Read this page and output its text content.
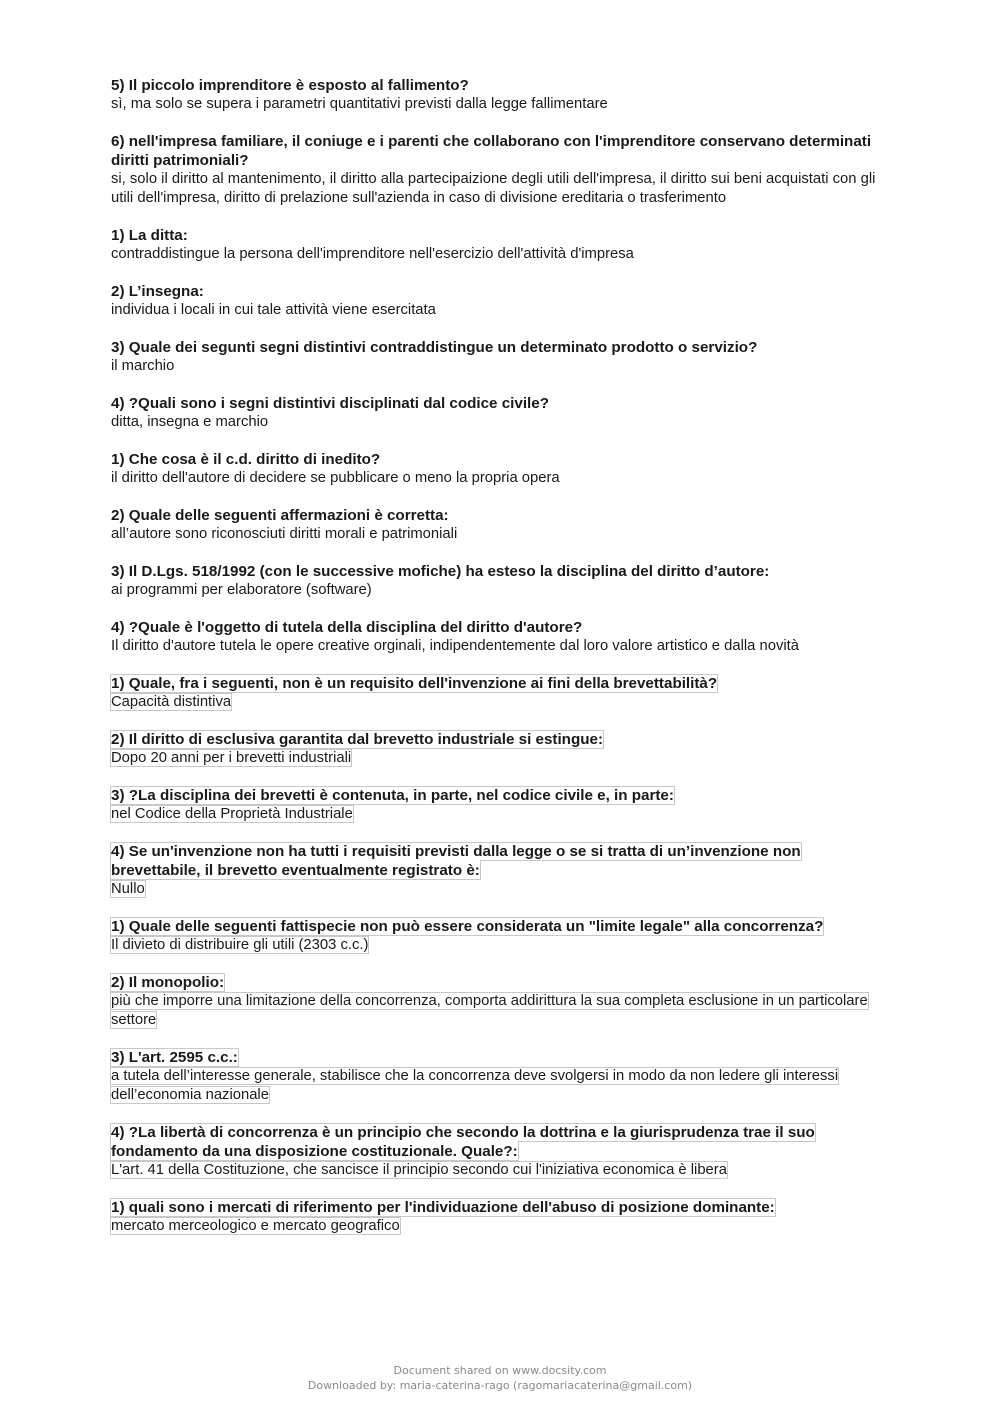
5) Il piccolo imprenditore è esposto al fallimento?

sì, ma solo se supera i parametri quantitativi previsti dalla legge fallimentare

6) nell'impresa familiare, il coniuge e i parenti che collaborano con l'imprenditore conservano determinati diritti patrimoniali?

si, solo il diritto al mantenimento, il diritto alla partecipaizione degli utili dell'impresa, il diritto sui beni acquistati con gli utili dell'impresa, diritto di prelazione sull'azienda in caso di divisione ereditaria o trasferimento

1) La ditta:

contraddistingue la persona dell'imprenditore nell'esercizio dell'attività d'impresa

2) L’insegna:

individua i locali in cui tale attività viene esercitata

3) Quale dei segunti segni distintivi contraddistingue un determinato prodotto o servizio?

il marchio

4) ?Quali sono i segni distintivi disciplinati dal codice civile?

ditta, insegna e marchio

1) Che cosa è il c.d. diritto di inedito?

il diritto dell'autore di decidere se pubblicare o meno la propria opera

2) Quale delle seguenti affermazioni è corretta:

all’autore sono riconosciuti diritti morali e patrimoniali

3) Il D.Lgs. 518/1992 (con le successive mofiche) ha esteso la disciplina del diritto d’autore:

ai programmi per elaboratore (software)

4) ?Quale è l'oggetto di tutela della disciplina del diritto d'autore?

Il diritto d'autore tutela le opere creative orginali, indipendentemente dal loro valore artistico e dalla novità

1) Quale, fra i seguenti, non è un requisito dell'invenzione ai fini della brevettabilità?

Capacità distintiva

2) Il diritto di esclusiva garantita dal brevetto industriale si estingue:

Dopo 20 anni per i brevetti industriali

3) ?La disciplina dei brevetti è contenuta, in parte, nel codice civile e, in parte:

nel Codice della Proprietà Industriale

4) Se un'invenzione non ha tutti i requisiti previsti dalla legge o se si tratta di un’invenzione non brevettabile, il brevetto eventualmente registrato è:

Nullo

1) Quale delle seguenti fattispecie non può essere considerata un "limite legale" alla concorrenza?

Il divieto di distribuire gli utili (2303 c.c.)

2) Il monopolio:

più che imporre una limitazione della concorrenza, comporta addirittura la sua completa esclusione in un particolare settore

3) L'art. 2595 c.c.:

a tutela dell’interesse generale, stabilisce che la concorrenza deve svolgersi in modo da non ledere gli interessi dell’economia nazionale

4) ?La libertà di concorrenza è un principio che secondo la dottrina e la giurisprudenza trae il suo fondamento da una disposizione costituzionale. Quale?:

L'art. 41 della Costituzione, che sancisce il principio secondo cui l'iniziativa economica è libera

1) quali sono i mercati di riferimento per l'individuazione dell'abuso di posizione dominante:

mercato merceologico e mercato geografico

Document shared on www.docsity.com
Downloaded by: maria-caterina-rago (ragomariacaterina@gmail.com)
